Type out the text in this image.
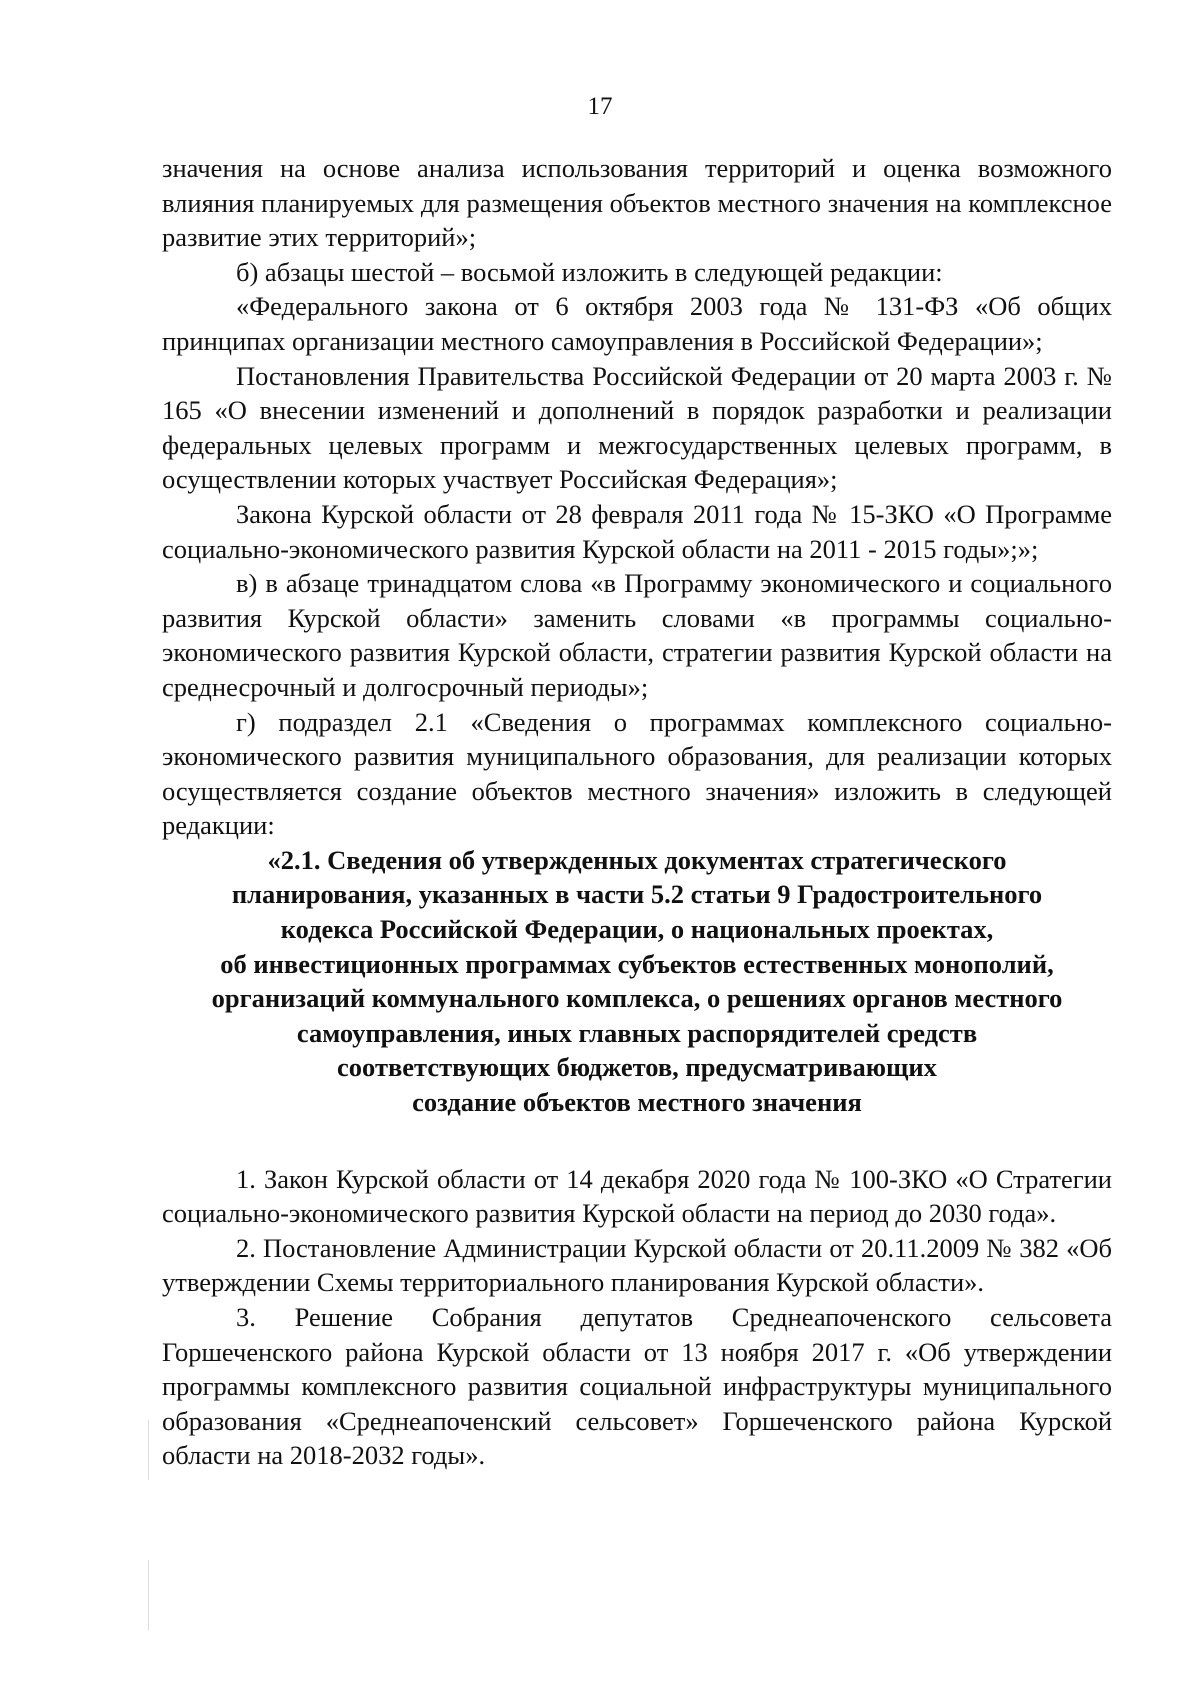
17

значения на основе анализа использования территорий и оценка возможного влияния планируемых для размещения объектов местного значения на комплексное развитие этих территорий»;

б) абзацы шестой – восьмой изложить в следующей редакции:

«Федерального закона от 6 октября 2003 года № 131-ФЗ «Об общих принципах организации местного самоуправления в Российской Федерации»;

Постановления Правительства Российской Федерации от 20 марта 2003 г. № 165 «О внесении изменений и дополнений в порядок разработки и реализации федеральных целевых программ и межгосударственных целевых программ, в осуществлении которых участвует Российская Федерация»;

Закона Курской области от 28 февраля 2011 года № 15-ЗКО «О Программе социально-экономического развития Курской области на 2011 - 2015 годы»;»;

в) в абзаце тринадцатом слова «в Программу экономического и социального развития Курской области» заменить словами «в программы социально-экономического развития Курской области, стратегии развития Курской области на среднесрочный и долгосрочный периоды»;

г) подраздел 2.1 «Сведения о программах комплексного социально-экономического развития муниципального образования, для реализации которых осуществляется создание объектов местного значения» изложить в следующей редакции:

«2.1. Сведения об утвержденных документах стратегического
планирования, указанных в части 5.2 статьи 9 Градостроительного
кодекса Российской Федерации, о национальных проектах,
об инвестиционных программах субъектов естественных монополий,
организаций коммунального комплекса, о решениях органов местного
самоуправления, иных главных распорядителей средств
соответствующих бюджетов, предусматривающих
создание объектов местного значения

1. Закон Курской области от 14 декабря 2020 года № 100-ЗКО «О Стратегии социально-экономического развития Курской области на период до 2030 года».

2. Постановление Администрации Курской области от 20.11.2009 № 382 «Об утверждении Схемы территориального планирования Курской области».

3. Решение Собрания депутатов Среднеапоченского сельсовета Горшеченского района Курской области от 13 ноября 2017 г. «Об утверждении программы комплексного развития социальной инфраструктуры муниципального образования «Среднеапоченский сельсовет» Горшеченского района Курской области на 2018-2032 годы».
